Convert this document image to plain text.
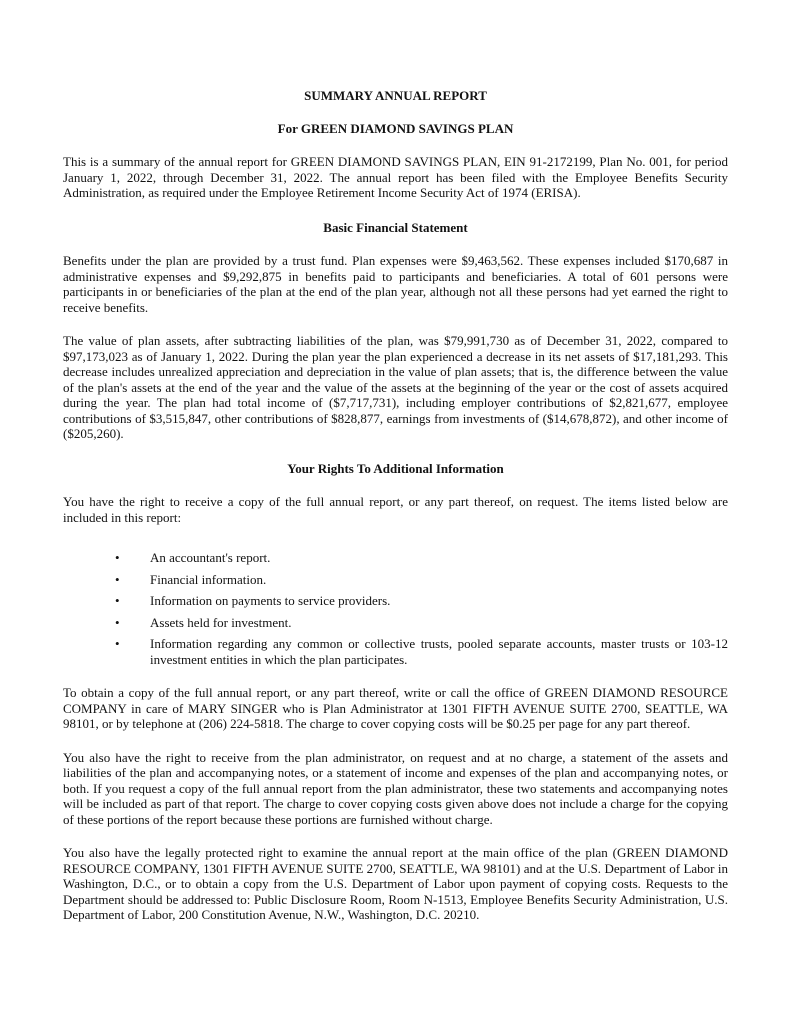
SUMMARY ANNUAL REPORT
For GREEN DIAMOND SAVINGS PLAN

This is a summary of the annual report for GREEN DIAMOND SAVINGS PLAN, EIN 91-2172199, Plan No. 001, for period January 1, 2022, through December 31, 2022. The annual report has been filed with the Employee Benefits Security Administration, as required under the Employee Retirement Income Security Act of 1974 (ERISA).

Basic Financial Statement

Benefits under the plan are provided by a trust fund. Plan expenses were $9,463,562. These expenses included $170,687 in administrative expenses and $9,292,875 in benefits paid to participants and beneficiaries. A total of 601 persons were participants in or beneficiaries of the plan at the end of the plan year, although not all these persons had yet earned the right to receive benefits.

The value of plan assets, after subtracting liabilities of the plan, was $79,991,730 as of December 31, 2022, compared to $97,173,023 as of January 1, 2022. During the plan year the plan experienced a decrease in its net assets of $17,181,293. This decrease includes unrealized appreciation and depreciation in the value of plan assets; that is, the difference between the value of the plan's assets at the end of the year and the value of the assets at the beginning of the year or the cost of assets acquired during the year. The plan had total income of ($7,717,731), including employer contributions of $2,821,677, employee contributions of $3,515,847, other contributions of $828,877, earnings from investments of ($14,678,872), and other income of ($205,260).

Your Rights To Additional Information

You have the right to receive a copy of the full annual report, or any part thereof, on request. The items listed below are included in this report:

• An accountant's report.
• Financial information.
• Information on payments to service providers.
• Assets held for investment.
• Information regarding any common or collective trusts, pooled separate accounts, master trusts or 103-12 investment entities in which the plan participates.

To obtain a copy of the full annual report, or any part thereof, write or call the office of GREEN DIAMOND RESOURCE COMPANY in care of MARY SINGER who is Plan Administrator at 1301 FIFTH AVENUE SUITE 2700, SEATTLE, WA 98101, or by telephone at (206) 224-5818. The charge to cover copying costs will be $0.25 per page for any part thereof.

You also have the right to receive from the plan administrator, on request and at no charge, a statement of the assets and liabilities of the plan and accompanying notes, or a statement of income and expenses of the plan and accompanying notes, or both. If you request a copy of the full annual report from the plan administrator, these two statements and accompanying notes will be included as part of that report. The charge to cover copying costs given above does not include a charge for the copying of these portions of the report because these portions are furnished without charge.

You also have the legally protected right to examine the annual report at the main office of the plan (GREEN DIAMOND RESOURCE COMPANY, 1301 FIFTH AVENUE SUITE 2700, SEATTLE, WA 98101) and at the U.S. Department of Labor in Washington, D.C., or to obtain a copy from the U.S. Department of Labor upon payment of copying costs. Requests to the Department should be addressed to: Public Disclosure Room, Room N-1513, Employee Benefits Security Administration, U.S. Department of Labor, 200 Constitution Avenue, N.W., Washington, D.C. 20210.
